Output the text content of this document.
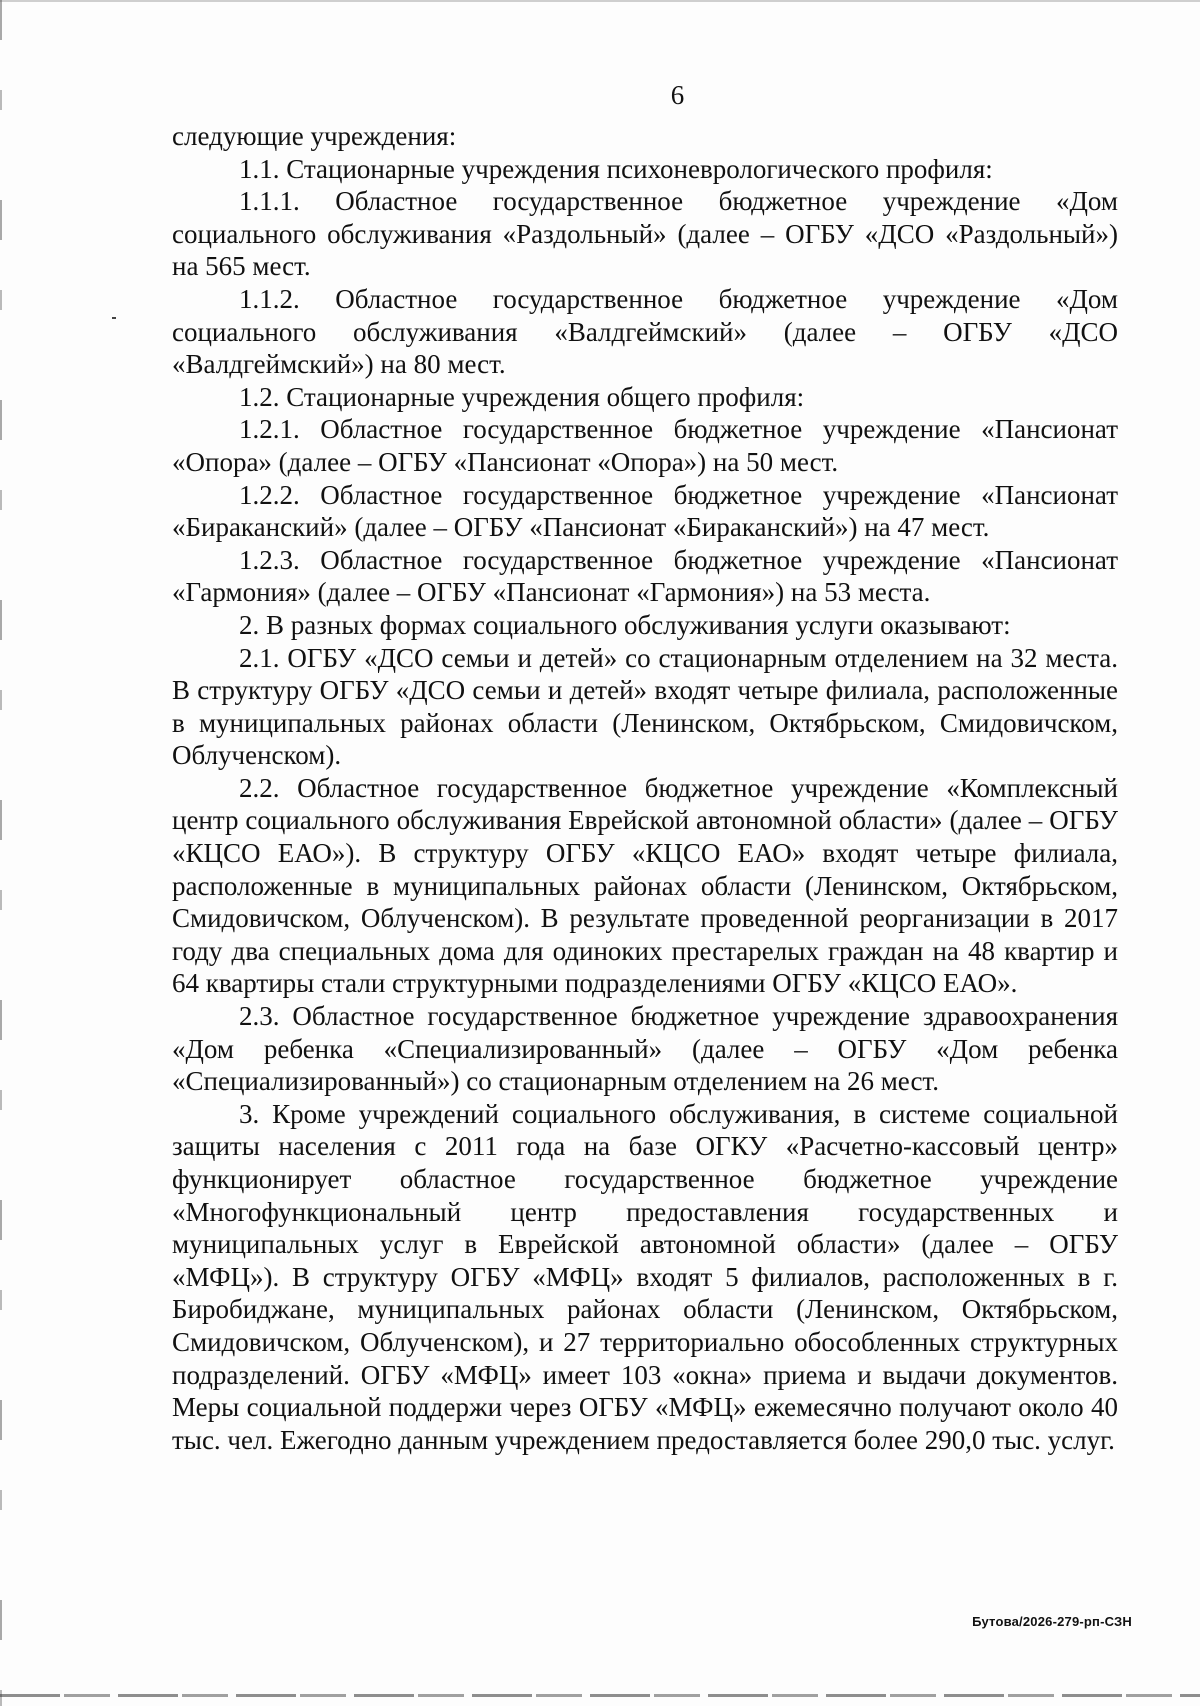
6

следующие учреждения:

1.1. Стационарные учреждения психоневрологического профиля:

1.1.1. Областное государственное бюджетное учреждение «Дом социального обслуживания «Раздольный» (далее – ОГБУ «ДСО «Раздольный») на 565 мест.

1.1.2. Областное государственное бюджетное учреждение «Дом социального обслуживания «Валдгеймский» (далее – ОГБУ «ДСО «Валдгеймский») на 80 мест.

1.2. Стационарные учреждения общего профиля:

1.2.1. Областное государственное бюджетное учреждение «Пансионат «Опора» (далее – ОГБУ «Пансионат «Опора») на 50 мест.

1.2.2. Областное государственное бюджетное учреждение «Пансионат «Бираканский» (далее – ОГБУ «Пансионат «Бираканский») на 47 мест.

1.2.3. Областное государственное бюджетное учреждение «Пансионат «Гармония» (далее – ОГБУ «Пансионат «Гармония») на 53 места.

2. В разных формах социального обслуживания услуги оказывают:

2.1. ОГБУ «ДСО семьи и детей» со стационарным отделением на 32 места. В структуру ОГБУ «ДСО семьи и детей» входят четыре филиала, расположенные в муниципальных районах области (Ленинском, Октябрьском, Смидовичском, Облученском).

2.2. Областное государственное бюджетное учреждение «Комплексный центр социального обслуживания Еврейской автономной области» (далее – ОГБУ «КЦСО ЕАО»). В структуру ОГБУ «КЦСО ЕАО» входят четыре филиала, расположенные в муниципальных районах области (Ленинском, Октябрьском, Смидовичском, Облученском). В результате проведенной реорганизации в 2017 году два специальных дома для одиноких престарелых граждан на 48 квартир и 64 квартиры стали структурными подразделениями ОГБУ «КЦСО ЕАО».

2.3. Областное государственное бюджетное учреждение здравоохранения «Дом ребенка «Специализированный» (далее – ОГБУ «Дом ребенка «Специализированный») со стационарным отделением на 26 мест.

3. Кроме учреждений социального обслуживания, в системе социальной защиты населения с 2011 года на базе ОГКУ «Расчетно-кассовый центр» функционирует областное государственное бюджетное учреждение «Многофункциональный центр предоставления государственных и муниципальных услуг в Еврейской автономной области» (далее – ОГБУ «МФЦ»). В структуру ОГБУ «МФЦ» входят 5 филиалов, расположенных в г. Биробиджане, муниципальных районах области (Ленинском, Октябрьском, Смидовичском, Облученском), и 27 территориально обособленных структурных подразделений. ОГБУ «МФЦ» имеет 103 «окна» приема и выдачи документов. Меры социальной поддержи через ОГБУ «МФЦ» ежемесячно получают около 40 тыс. чел. Ежегодно данным учреждением предоставляется более 290,0 тыс. услуг.

Бутова/2026-279-рп-СЗН
